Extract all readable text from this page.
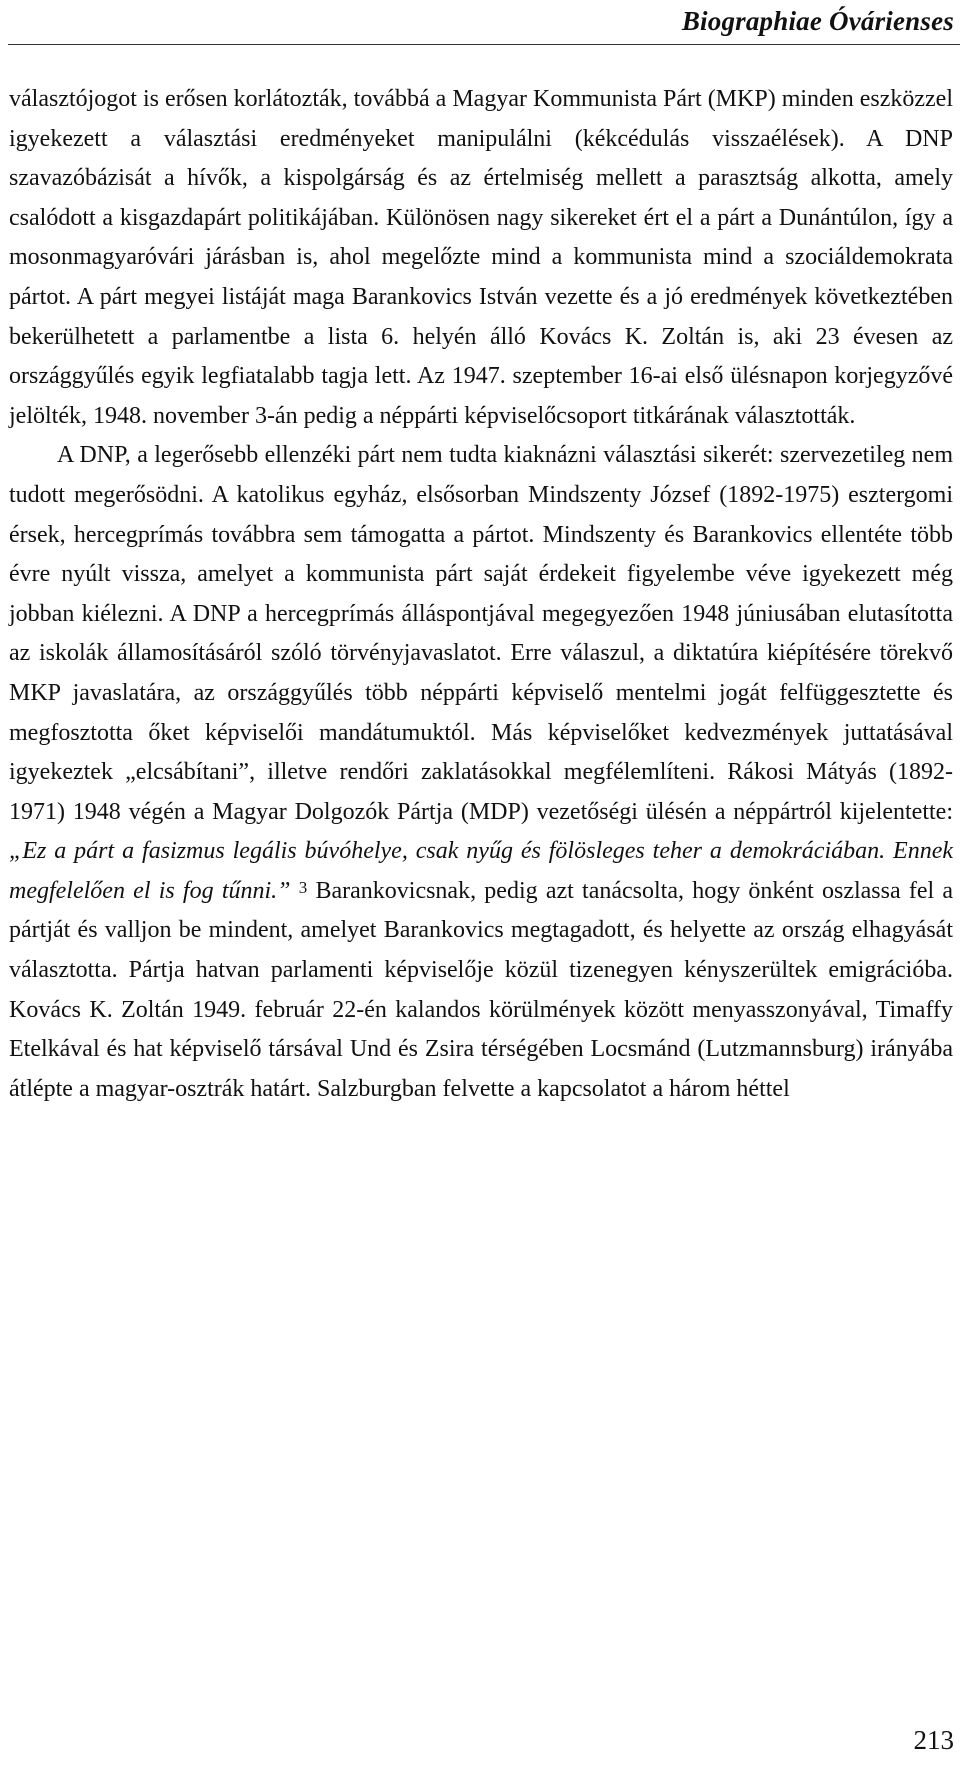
Biographiae Óvárienses

választójogot is erősen korlátozták, továbbá a Magyar Kommunista Párt (MKP) minden eszközzel igyekezett a választási eredményeket manipulálni (kékcédulás visszaélések). A DNP szavazóbázisát a hívők, a kispolgárság és az értelmiség mellett a parasztság alkotta, amely csalódott a kisgazdapárt politikájában. Különösen nagy sikereket ért el a párt a Dunántúlon, így a mosonmagyaróvári járásban is, ahol megelőzte mind a kommunista mind a szociáldemokrata pártot. A párt megyei listáját maga Barankovics István vezette és a jó eredmények következtében bekerülhetett a parlamentbe a lista 6. helyén álló Kovács K. Zoltán is, aki 23 évesen az országgyűlés egyik legfiatalabb tagja lett. Az 1947. szeptember 16-ai első ülésnapon korjegyzővé jelölték, 1948. november 3-án pedig a néppárti képviselőcsoport titkárának választották.

A DNP, a legerősebb ellenzéki párt nem tudta kiaknázni választási sikerét: szervezetileg nem tudott megerősödni. A katolikus egyház, elsősorban Mindszenty József (1892-1975) esztergomi érsek, hercegprímás továbbra sem támogatta a pártot. Mindszenty és Barankovics ellentéte több évre nyúlt vissza, amelyet a kommunista párt saját érdekeit figyelembe véve igyekezett még jobban kiélezni. A DNP a hercegprímás álláspontjával megegyezően 1948 júniusában elutasította az iskolák államosításáról szóló törvényjavaslatot. Erre válaszul, a diktatúra kiépítésére törekvő MKP javaslatára, az országgyűlés több néppárti képviselő mentelmi jogát felfüggesztette és megfosztotta őket képviselői mandátumuktól. Más képviselőket kedvezmények juttatásával igyekeztek „elcsábítani”, illetve rendőri zaklatásokkal megfélemlíteni. Rákosi Mátyás (1892-1971) 1948 végén a Magyar Dolgozók Pártja (MDP) vezetőségi ülésén a néppártról kijelentette: „Ez a párt a fasizmus legális búvóhelye, csak nyűg és fölösleges teher a demokráciában. Ennek megfelelően el is fog tűnni.” $^3$ Barankovicsnak, pedig azt tanácsolta, hogy önként oszlassa fel a pártját és valljon be mindent, amelyet Barankovics megtagadott, és helyette az ország elhagyását választotta. Pártja hatvan parlamenti képviselője közül tizenegyen kényszerültek emigrációba. Kovács K. Zoltán 1949. február 22-én kalandos körülmények között menyasszonyával, Timaffy Etelkával és hat képviselő társával Und és Zsira térségében Locsmánd (Lutzmannsburg) irányába átlépte a magyar-osztrák határt. Salzburgban felvette a kapcsolatot a három héttel

213
